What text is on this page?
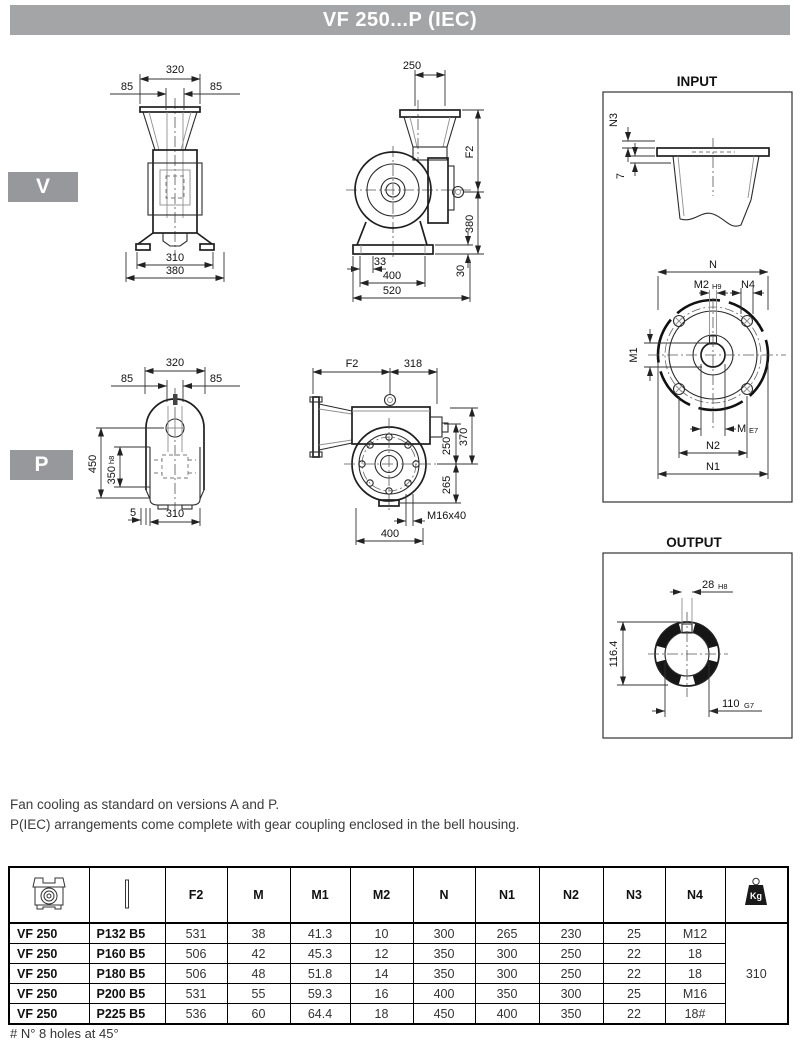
VF 250...P (IEC)
V
P
320
85	85
310
380
250
F2
380
30
33
400
520
INPUT
N3
7
N
M2 H9 N4
M1
M E7
N2
N1
320
85	85
450
350h8
5	310
F2	318
370
250
265
M16x40
400
OUTPUT
28 H8
116.4
110 G7
Fan cooling as standard on versions A and P.
P(IEC) arrangements come complete with gear coupling enclosed in the bell housing.
		F2	M	M1	M2	N	N1	N2	N3	N4	Kg

VF 250	P132 B5	531	38	41.3	10	300	265	230	25	M12	310
VF 250	P160 B5	506	42	45.3	12	350	300	250	22	18	
VF 250	P180 B5	506	48	51.8	14	350	300	250	22	18	
VF 250	P200 B5	531	55	59.3	16	400	350	300	25	M16	
VF 250	P225 B5	536	60	64.4	18	450	400	350	22	18#	
# N° 8 holes at 45°
